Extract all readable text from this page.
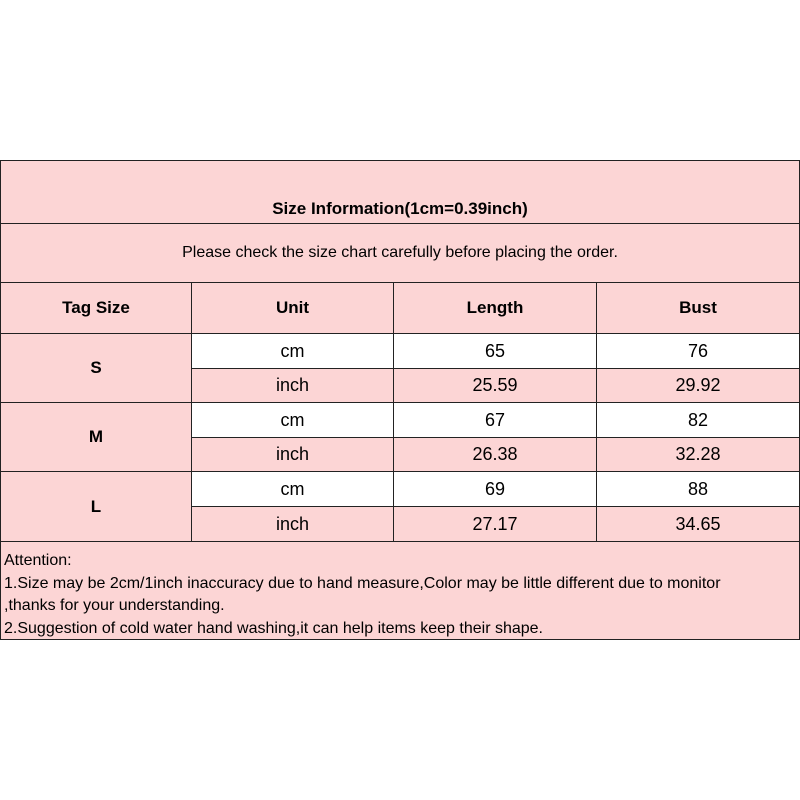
Size Information(1cm=0.39inch)
Please check the size chart carefully before placing the order.
Tag Size	Unit	Length	Bust
S
cm	65	76
inch	25.59	29.92
M
cm	67	82
inch	26.38	32.28
L
cm	69	88
inch	27.17	34.65
Attention:
1.Size may be 2cm/1inch inaccuracy due to hand measure,Color may be little different due to monitor
,thanks for your understanding.
2.Suggestion of cold water hand washing,it can help items keep their shape.
